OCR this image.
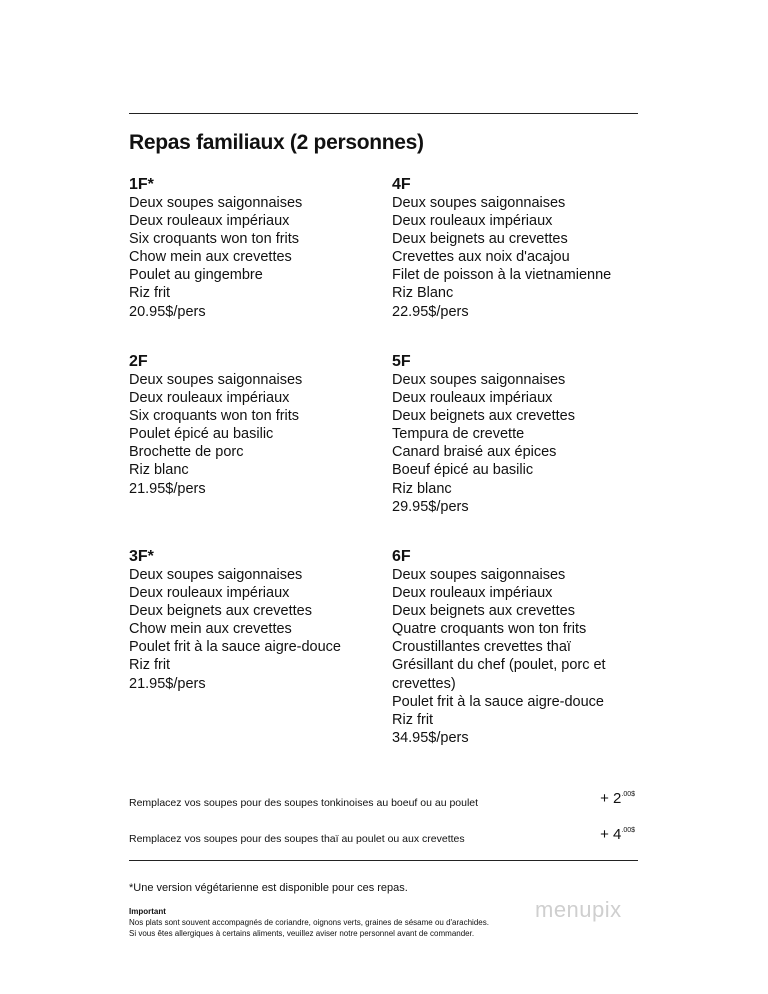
Repas familiaux (2 personnes)
1F*
Deux soupes saigonnaises
Deux rouleaux impériaux
Six croquants won ton frits
Chow mein aux crevettes
Poulet au gingembre
Riz frit
20.95$/pers
4F
Deux soupes saigonnaises
Deux rouleaux impériaux
Deux beignets au crevettes
Crevettes aux noix d'acajou
Filet de poisson à la vietnamienne
Riz Blanc
22.95$/pers
2F
Deux soupes saigonnaises
Deux rouleaux impériaux
Six croquants won ton frits
Poulet épicé au basilic
Brochette de porc
Riz blanc
21.95$/pers
5F
Deux soupes saigonnaises
Deux rouleaux impériaux
Deux beignets aux crevettes
Tempura de crevette
Canard braisé aux épices
Boeuf épicé au basilic
Riz blanc
29.95$/pers
3F*
Deux soupes saigonnaises
Deux rouleaux impériaux
Deux beignets aux crevettes
Chow mein aux crevettes
Poulet frit à la sauce aigre-douce
Riz frit
21.95$/pers
6F
Deux soupes saigonnaises
Deux rouleaux impériaux
Deux beignets aux crevettes
Quatre croquants won ton frits
Croustillantes crevettes thaï
Grésillant du chef (poulet, porc et crevettes)
Poulet frit à la sauce aigre-douce
Riz frit
34.95$/pers
Remplacez vos soupes pour des soupes tonkinoises au boeuf ou au poulet	+ $2^{.00\$}$
Remplacez vos soupes pour des soupes thaï au poulet ou aux crevettes	+ $4^{.00\$}$
*Une version végétarienne est disponible pour ces repas.
Important
Nos plats sont souvent accompagnés de coriandre, oignons verts, graines de sésame ou d'arachides.
Si vous êtes allergiques à certains aliments, veuillez aviser notre personnel avant de commander.
menupix
